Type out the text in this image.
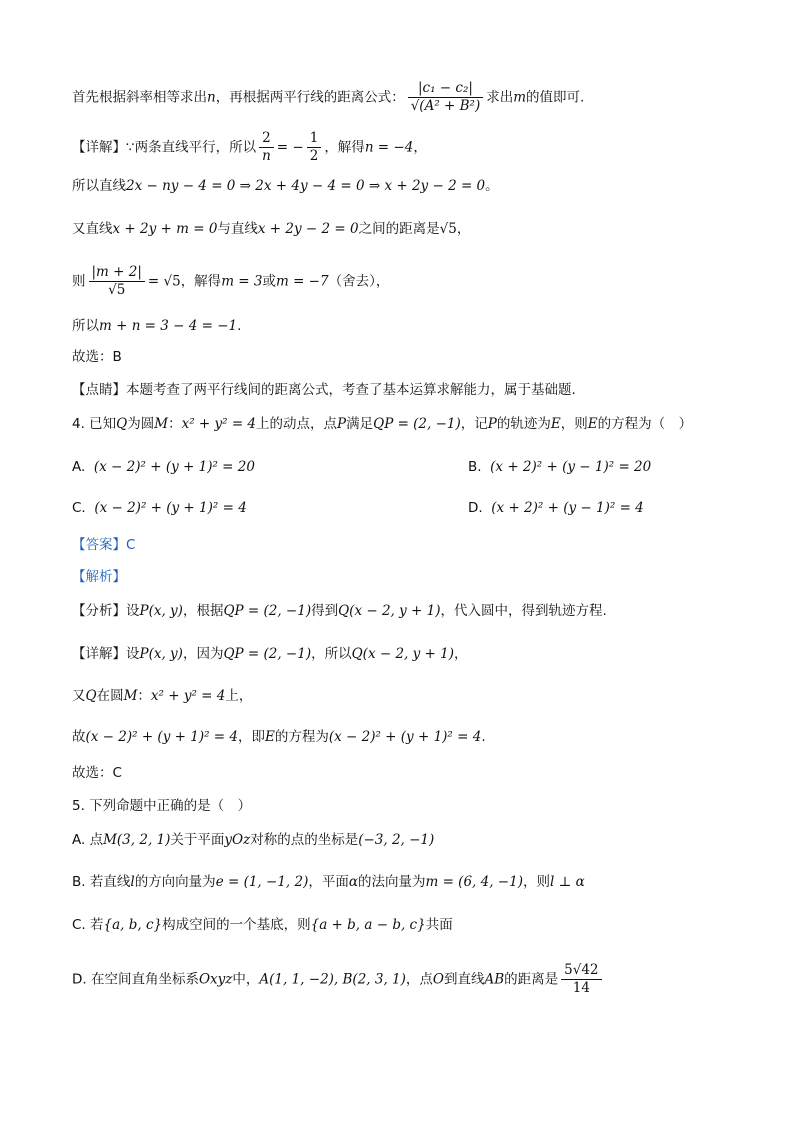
首先根据斜率相等求出n，再根据两平行线的距离公式： $\frac{\text{|c₁ − c₂|}}{\text{√(A² + B²)}}$ 求出m的值即可.
【详解】∵两条直线平行，所以 $\frac{2}{n}$ = − $\frac{1}{2}$ ，解得n = −4，
所以直线2x − ny − 4 = 0 ⇒ 2x + 4y − 4 = 0 ⇒ x + 2y − 2 = 0。
又直线x + 2y + m = 0与直线x + 2y − 2 = 0之间的距离是√5，
则 $\frac{|m + 2|}{√5} = √5$，解得m = 3或m = −7（舍去），
所以m + n = 3 − 4 = −1.
故选：B
【点睛】本题考查了两平行线间的距离公式，考查了基本运算求解能力，属于基础题.
4. 已知Q为圆M：x² + y² = 4上的动点，点P满足QP = (2, −1)，记P的轨迹为E，则E的方程为（　）
A. (x − 2)² + (y + 1)² = 20	B. (x + 2)² + (y − 1)² = 20
C. (x − 2)² + (y + 1)² = 4	D. (x + 2)² + (y − 1)² = 4
【答案】C
【解析】
【分析】设P(x, y)，根据QP = (2, −1)得到Q(x − 2, y + 1)，代入圆中，得到轨迹方程.
【详解】设P(x, y)，因为QP = (2, −1)，所以Q(x − 2, y + 1)，
又Q在圆M：x² + y² = 4上，
故(x − 2)² + (y + 1)² = 4，即E的方程为(x − 2)² + (y + 1)² = 4.
故选：C
5. 下列命题中正确的是（　）
A. 点M(3, 2, 1)关于平面yOz对称的点的坐标是(−3, 2, −1)
B. 若直线l的方向向量为e = (1, −1, 2)，平面α的法向量为m = (6, 4, −1)，则l ⊥ α
C. 若{a, b, c}构成空间的一个基底，则{a + b, a − b, c}共面
D. 在空间直角坐标系Oxyz中，A(1, 1, −2), B(2, 3, 1)，点O到直线AB的距离是 $\frac{5√42}{14}$
